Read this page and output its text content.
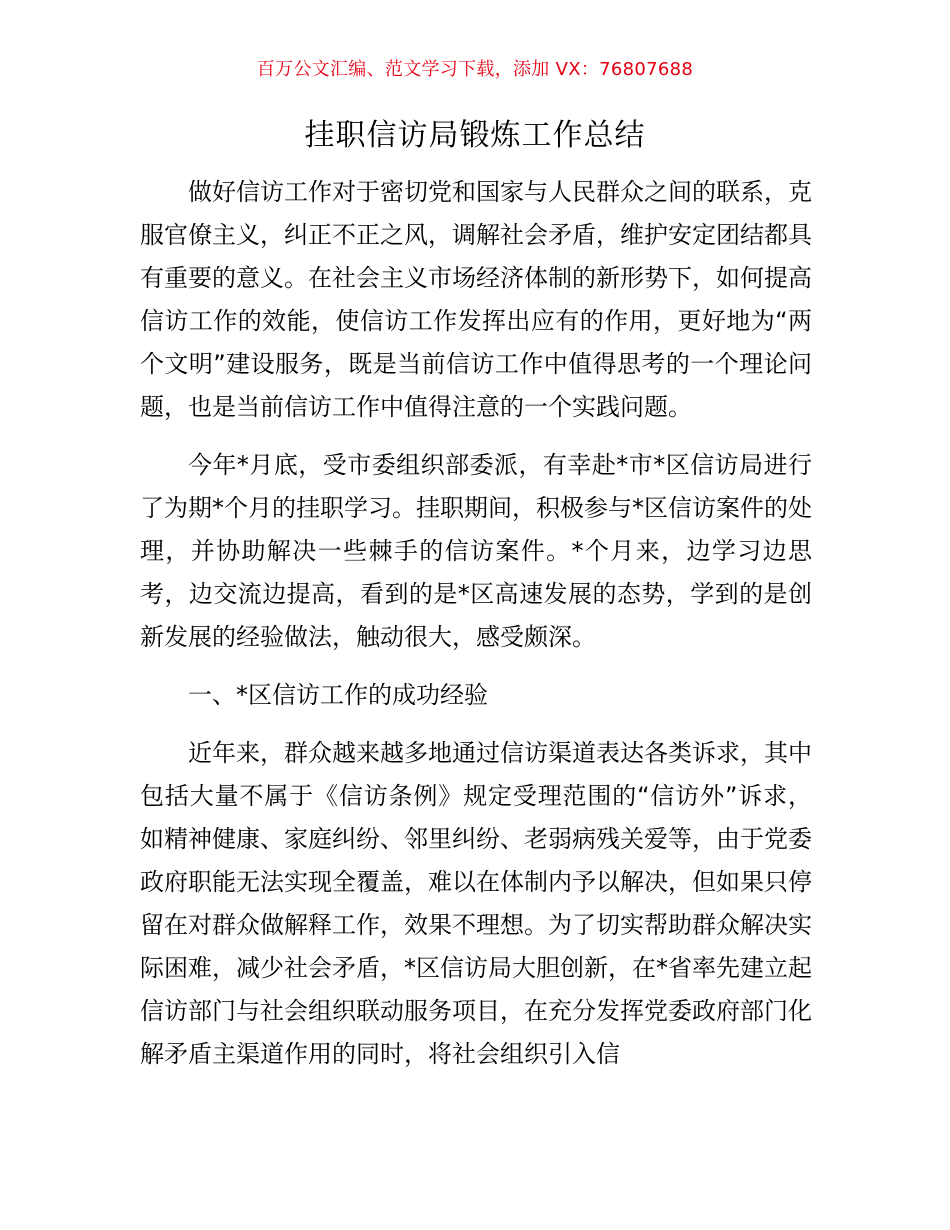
百万公文汇编、范文学习下载，添加 VX：76807688
挂职信访局锻炼工作总结

做好信访工作对于密切党和国家与人民群众之间的联系，克服官僚主义，纠正不正之风，调解社会矛盾，维护安定团结都具有重要的意义。在社会主义市场经济体制的新形势下，如何提高信访工作的效能，使信访工作发挥出应有的作用，更好地为“两个文明”建设服务，既是当前信访工作中值得思考的一个理论问题，也是当前信访工作中值得注意的一个实践问题。

今年*月底，受市委组织部委派，有幸赴*市*区信访局进行了为期*个月的挂职学习。挂职期间，积极参与*区信访案件的处理，并协助解决一些棘手的信访案件。*个月来，边学习边思考，边交流边提高，看到的是*区高速发展的态势，学到的是创新发展的经验做法，触动很大，感受颇深。

一、*区信访工作的成功经验

近年来，群众越来越多地通过信访渠道表达各类诉求，其中包括大量不属于《信访条例》规定受理范围的“信访外”诉求，如精神健康、家庭纠纷、邻里纠纷、老弱病残关爱等，由于党委政府职能无法实现全覆盖，难以在体制内予以解决，但如果只停留在对群众做解释工作，效果不理想。为了切实帮助群众解决实际困难，减少社会矛盾，*区信访局大胆创新，在*省率先建立起信访部门与社会组织联动服务项目，在充分发挥党委政府部门化解矛盾主渠道作用的同时，将社会组织引入信
